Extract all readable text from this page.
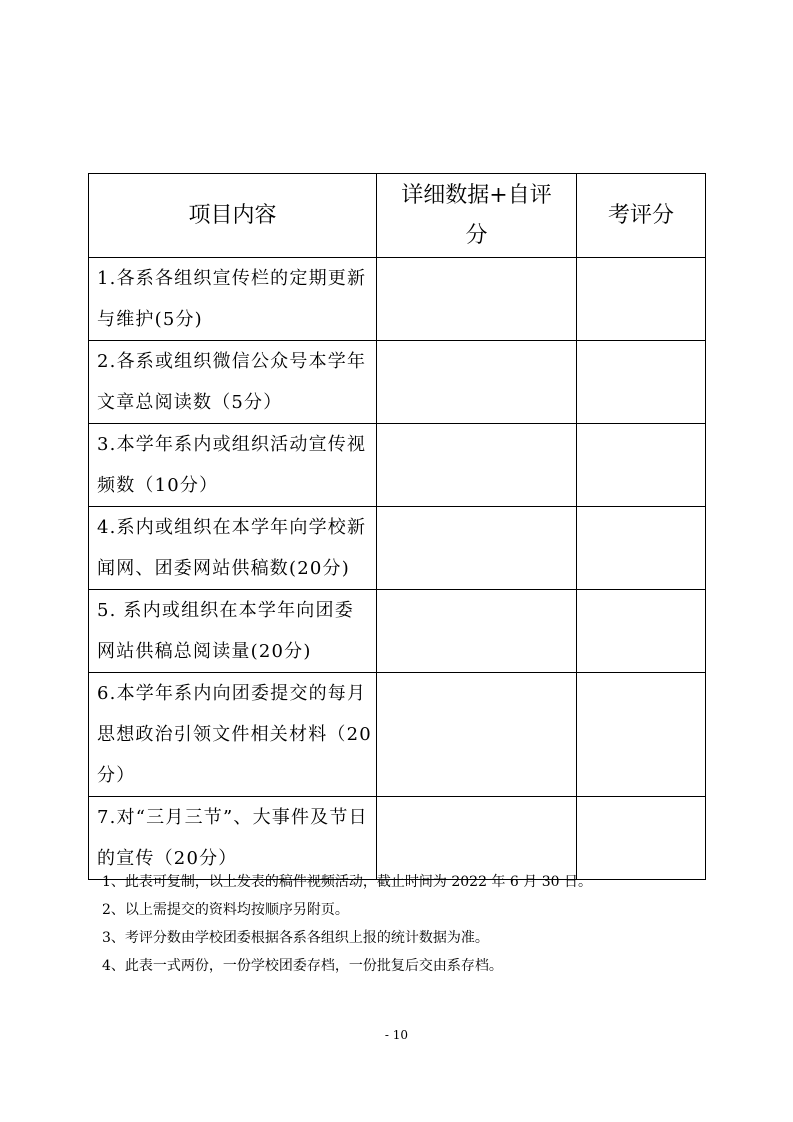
项目内容	详细数据+自评分	考评分
1.各系各组织宣传栏的定期更新与维护(5分)		
2.各系或组织微信公众号本学年文章总阅读数（5分）		
3.本学年系内或组织活动宣传视频数（10分）		
4.系内或组织在本学年向学校新闻网、团委网站供稿数(20分)		
5. 系内或组织在本学年向团委网站供稿总阅读量(20分)		
6.本学年系内向团委提交的每月思想政治引领文件相关材料（20分）		
7.对“三月三节”、大事件及节日的宣传（20分）		
1、此表可复制，以上发表的稿件视频活动，截止时间为 2022 年 6 月 30 日。
2、以上需提交的资料均按顺序另附页。
3、考评分数由学校团委根据各系各组织上报的统计数据为准。
4、此表一式两份，一份学校团委存档，一份批复后交由系存档。
- 10
